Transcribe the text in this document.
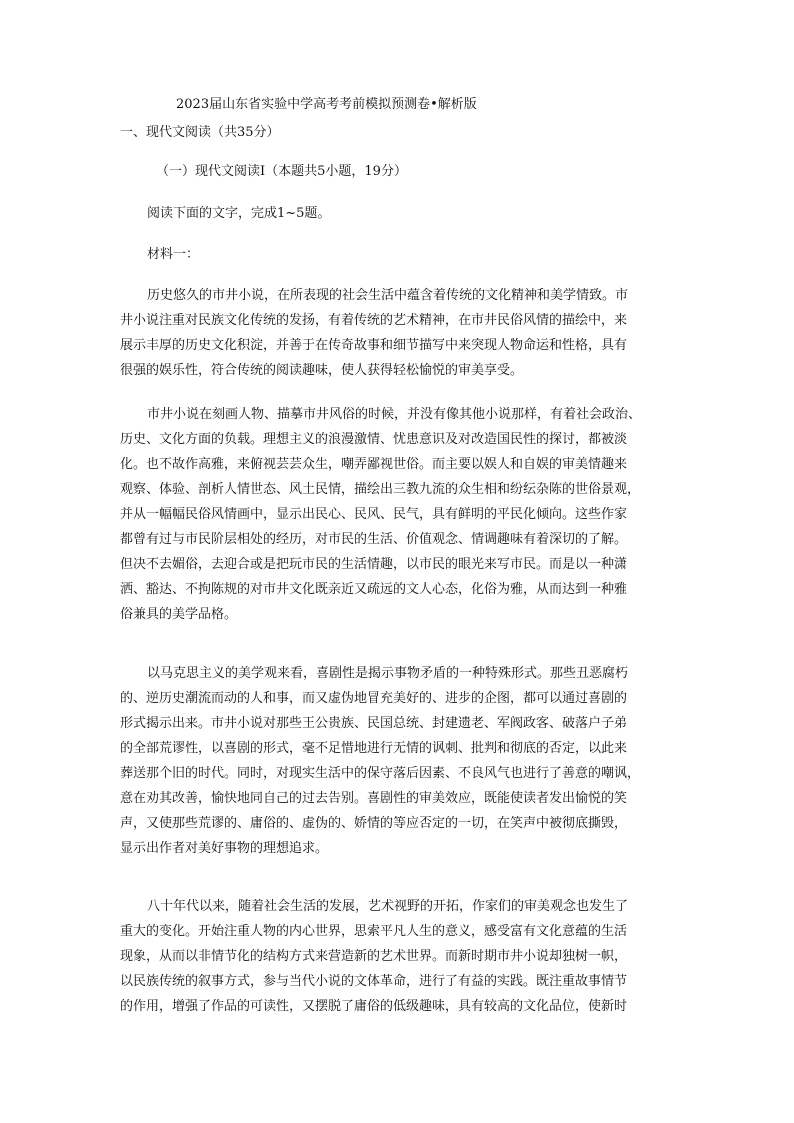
2023届山东省实验中学高考考前模拟预测卷•解析版
一、现代文阅读（共35分）
（一）现代文阅读Ⅰ（本题共5小题，19分）
阅读下面的文字，完成1~5题。
材料一：
历史悠久的市井小说，在所表现的社会生活中蕴含着传统的文化精神和美学情致。市
井小说注重对民族文化传统的发扬，有着传统的艺术精神，在市井民俗风情的描绘中，来
展示丰厚的历史文化积淀，并善于在传奇故事和细节描写中来突现人物命运和性格，具有
很强的娱乐性，符合传统的阅读趣味，使人获得轻松愉悦的审美享受。
市井小说在刻画人物、描摹市井风俗的时候，并没有像其他小说那样，有着社会政治、
历史、文化方面的负载。理想主义的浪漫激情、忧患意识及对改造国民性的探讨，都被淡
化。也不故作高雅，来俯视芸芸众生，嘲弄鄙视世俗。而主要以娱人和自娱的审美情趣来
观察、体验、剖析人情世态、风土民情，描绘出三教九流的众生相和纷纭杂陈的世俗景观，
并从一幅幅民俗风情画中，显示出民心、民风、民气，具有鲜明的平民化倾向。这些作家
都曾有过与市民阶层相处的经历，对市民的生活、价值观念、情调趣味有着深切的了解。
但决不去媚俗，去迎合或是把玩市民的生活情趣，以市民的眼光来写市民。而是以一种潇
洒、豁达、不拘陈规的对市井文化既亲近又疏远的文人心态，化俗为雅，从而达到一种雅
俗兼具的美学品格。
以马克思主义的美学观来看，喜剧性是揭示事物矛盾的一种特殊形式。那些丑恶腐朽
的、逆历史潮流而动的人和事，而又虚伪地冒充美好的、进步的企图，都可以通过喜剧的
形式揭示出来。市井小说对那些王公贵族、民国总统、封建遗老、军阀政客、破落户子弟
的全部荒谬性，以喜剧的形式，毫不足惜地进行无情的讽刺、批判和彻底的否定，以此来
葬送那个旧的时代。同时，对现实生活中的保守落后因素、不良风气也进行了善意的嘲讽，
意在劝其改善，愉快地同自己的过去告别。喜剧性的审美效应，既能使读者发出愉悦的笑
声，又使那些荒谬的、庸俗的、虚伪的、娇情的等应否定的一切，在笑声中被彻底撕毁，
显示出作者对美好事物的理想追求。
八十年代以来，随着社会生活的发展，艺术视野的开拓，作家们的审美观念也发生了
重大的变化。开始注重人物的内心世界，思索平凡人生的意义，感受富有文化意蕴的生活
现象，从而以非情节化的结构方式来营造新的艺术世界。而新时期市井小说却独树一帜，
以民族传统的叙事方式，参与当代小说的文体革命，进行了有益的实践。既注重故事情节
的作用，增强了作品的可读性，又摆脱了庸俗的低级趣味，具有较高的文化品位，使新时
